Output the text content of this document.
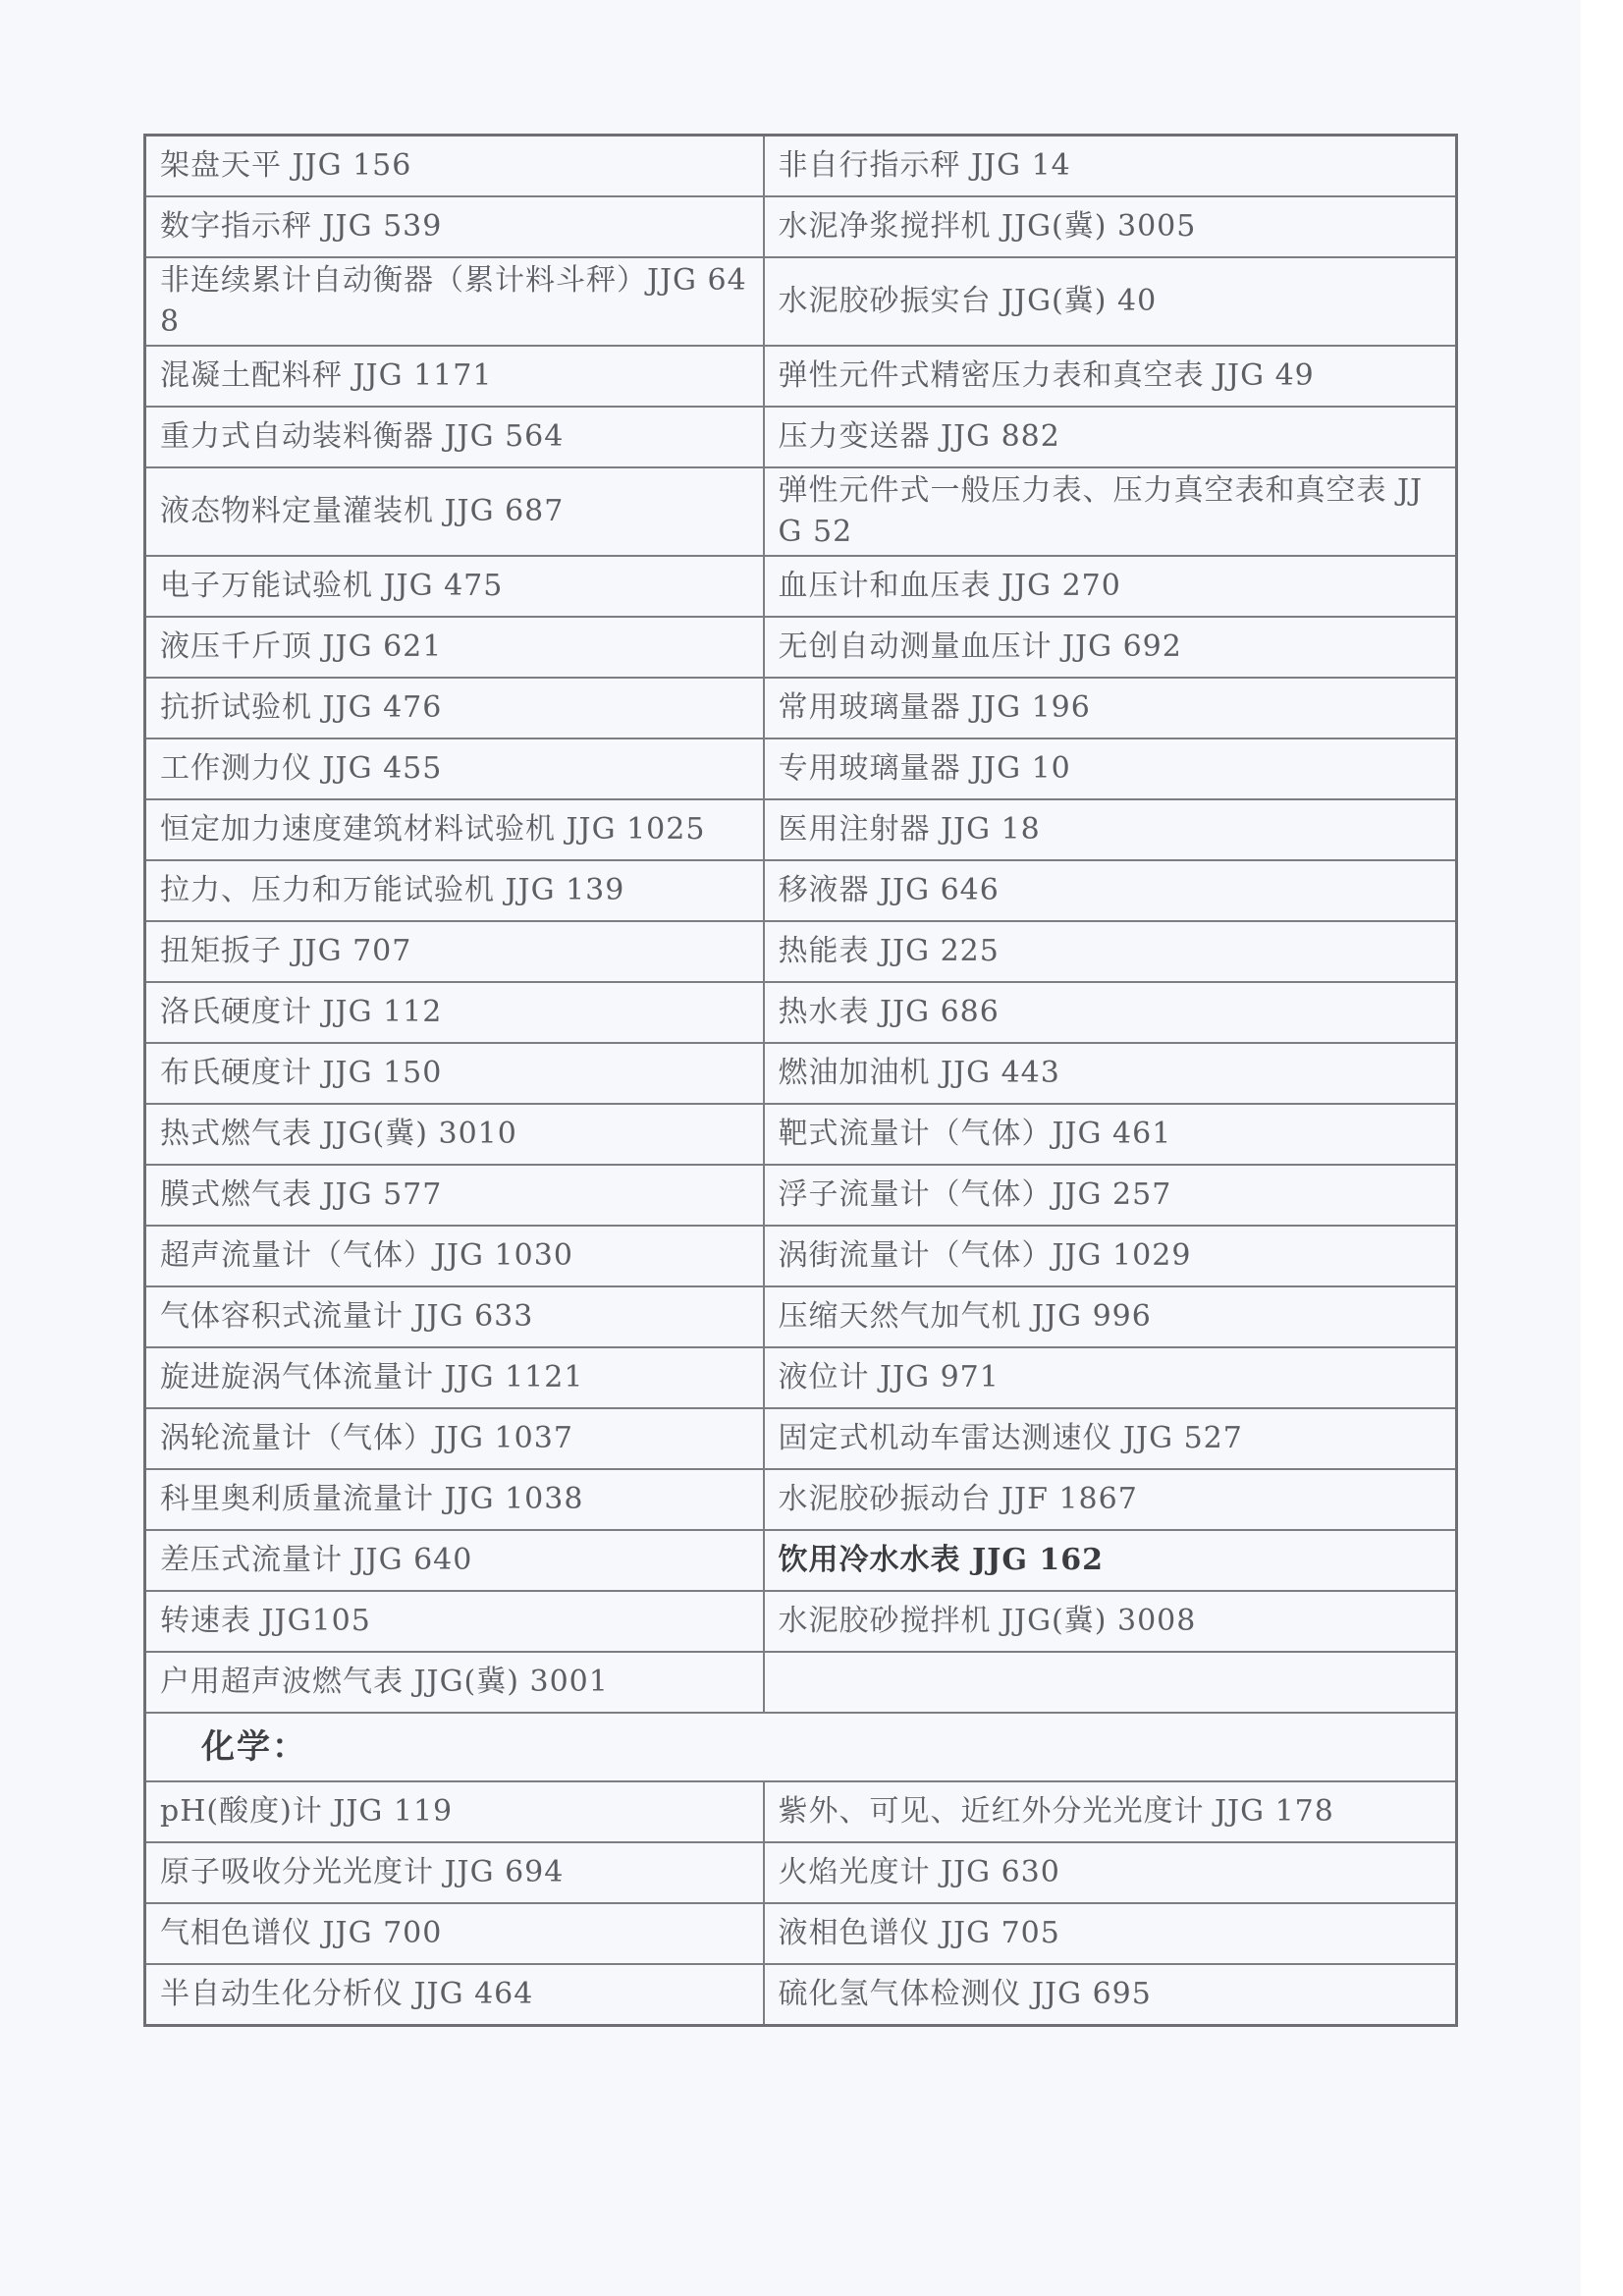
架盘天平 JJG 156	非自行指示秤 JJG 14
数字指示秤 JJG 539	水泥净浆搅拌机 JJG(冀) 3005
非连续累计自动衡器（累计料斗秤）JJG 648	水泥胶砂振实台 JJG(冀) 40
混凝土配料秤 JJG 1171	弹性元件式精密压力表和真空表 JJG 49
重力式自动装料衡器 JJG 564	压力变送器 JJG 882
液态物料定量灌装机 JJG 687	弹性元件式一般压力表、压力真空表和真空表 JJG 52
电子万能试验机 JJG 475	血压计和血压表 JJG 270
液压千斤顶 JJG 621	无创自动测量血压计 JJG 692
抗折试验机 JJG 476	常用玻璃量器 JJG 196
工作测力仪 JJG 455	专用玻璃量器 JJG 10
恒定加力速度建筑材料试验机 JJG 1025	医用注射器 JJG 18
拉力、压力和万能试验机 JJG 139	移液器 JJG 646
扭矩扳子 JJG 707	热能表 JJG 225
洛氏硬度计 JJG 112	热水表 JJG 686
布氏硬度计 JJG 150	燃油加油机 JJG 443
热式燃气表 JJG(冀) 3010	靶式流量计（气体）JJG 461
膜式燃气表 JJG 577	浮子流量计（气体）JJG 257
超声流量计（气体）JJG 1030	涡街流量计（气体）JJG 1029
气体容积式流量计 JJG 633	压缩天然气加气机 JJG 996
旋进旋涡气体流量计 JJG 1121	液位计 JJG 971
涡轮流量计（气体）JJG 1037	固定式机动车雷达测速仪 JJG 527
科里奥利质量流量计 JJG 1038	水泥胶砂振动台 JJF 1867
差压式流量计 JJG 640	饮用冷水水表 JJG 162
转速表 JJG105	水泥胶砂搅拌机 JJG(冀) 3008
户用超声波燃气表 JJG(冀) 3001	
化学：	
pH(酸度)计 JJG 119	紫外、可见、近红外分光光度计 JJG 178
原子吸收分光光度计 JJG 694	火焰光度计 JJG 630
气相色谱仪 JJG 700	液相色谱仪 JJG 705
半自动生化分析仪 JJG 464	硫化氢气体检测仪 JJG 695
